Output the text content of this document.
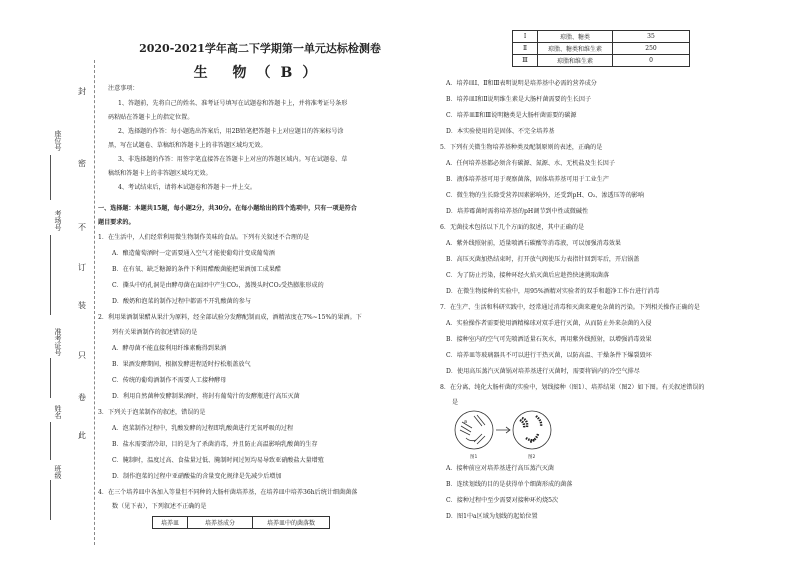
座位号
考场号
准考证号
姓名
班级
封
密
不
订
装
只
卷
此
2020-2021学年高二下学期第一单元达标检测卷
生 物（B）

注意事项：

1、答题前，先将自己的姓名、准考证号填写在试题卷和答题卡上，并将准考证号条形

码粘贴在答题卡上的指定位置。

2、选择题的作答：每小题选出答案后，用2B铅笔把答题卡上对应题目的答案标号涂

黑，写在试题卷、草稿纸和答题卡上的非答题区域均无效。

3、非选择题的作答：用签字笔直接答在答题卡上对应的答题区域内。写在试题卷、草

稿纸和答题卡上的非答题区域均无效。

4、考试结束后，请将本试题卷和答题卡一并上交。

一、选择题：本题共15题，每小题2分，共30分。在每小题给出的四个选项中，只有一项是符合

题目要求的。

1．在生活中，人们经常利用微生物制作美味的食品。下列有关叙述不合理的是

A．酿造葡萄酒时一定需要通入空气才能使葡萄汁变成葡萄酒

B．在有氧、缺乏糖源的条件下利用醋酸菌能把果酒加工成果醋

C．撕头中的孔洞是由酵母菌在面团中产生CO₂，蒸馒头时CO₂受热膨胀形成的

D．酸奶和泡菜的制作过程中都需不开乳酸菌的参与

2．利用果酒制果醋从果汁为原料，经全部试验分发酵配制而成，酒精浓度在7%~15%的果酒。下

列有关果酒制作的叙述错误的是

A．酵母菌不能直接利用纤维素酶得到果酒

B．果酒发酵期间，根据发酵进程适时拧松瓶盖放气

C．传统的葡萄酒制作不需要人工接种酵母

D．利用自然菌种发酵制果酒时，将封有葡萄汁的发酵瓶进行高压灭菌

3．下列关于泡菜制作的叙述，错误的是

A．泡菜制作过程中，乳酸发酵的过程即乳酸菌进行无氧呼吸的过程

B．盐水需要清冷却，目的是为了杀菌消毒，并且防止高温影响乳酸菌的生存

C．腌制时，温度过高、食盐量过低、腌制时间过短均易导致亚硝酸盐大量增殖

D．制作泡菜的过程中亚硝酸盐的含量变化规律是先减少后增加

4．在三个培养皿中各加入等量但不同种的大肠杆菌培养基，在培养皿中培养36h后统计细菌菌落

数（见下表），下列叙述不正确的是

培养皿	培养基成分	培养皿中的菌落数
Ⅰ	琼脂、糖类	35
Ⅱ	琼脂、糖类和维生素	250
Ⅲ	琼脂和维生素	0

A．培养皿Ⅰ、Ⅱ和Ⅲ表明说明是培养基中必需的营养成分

B．培养皿Ⅰ和Ⅱ说明维生素是大肠杆菌需要的生长因子

C．培养皿Ⅱ和Ⅲ说明糖类是大肠杆菌需要的碳源

D．本实验使用的是固体、不完全培养基

5．下列有关微生物培养基种类及配制原则的表述，正确的是

A．任何培养基都必须含有碳源、氮源、水、无机盐及生长因子

B．液体培养基可用于观察菌落，固体培养基可用于工业生产

C．微生物的生长除受营养因素影响外，还受到pH、O₂、渗透压等的影响

D．培养霉菌时需将培养基的pH调节到中性或微碱性

6．无菌技术包括以下几个方面的叙述，其中正确的是

A．紫外线照射前，适量喷洒石碳酸等消毒液，可以加强消毒效果

B．高压灭菌加热结束时，打开放气阀使压力表指针回到零后，开启锅盖

C．为了防止污染，接种环经火焰灭菌后应趁热快速挑取菌落

D．在微生物接种的实验中，用95%酒精对实验者的双手和超净工作台进行消毒

7．在生产、生活和科研实践中，经常通过消毒和灭菌来避免杂菌的污染。下列相关操作正确的是

A．实验操作者需要使用酒精棉球对双手进行灭菌，从而防止外来杂菌的入侵

B．接种室内的空气可先喷洒适量石灰水，再用紫外线照射，以增强消毒效果

C．培养皿等玻璃器具不可以进行干热灭菌，以防高温、干燥条件下爆裂毁坏

D．使用高压蒸汽灭菌锅对培养基进行灭菌时，需要将锅内的冷空气排尽

8．在分离、纯化大肠杆菌的实验中，划线接种（图1）、培养结果（图2）如下图。有关叙述错误的

是

A．接种前应对培养基进行高压蒸汽灭菌

B．连续划线的目的是获得单个细菌形成的菌落

C．接种过程中至少需要对接种环灼烧5次

D．图1中a区域为划线的起始位置

a
图1	图2
